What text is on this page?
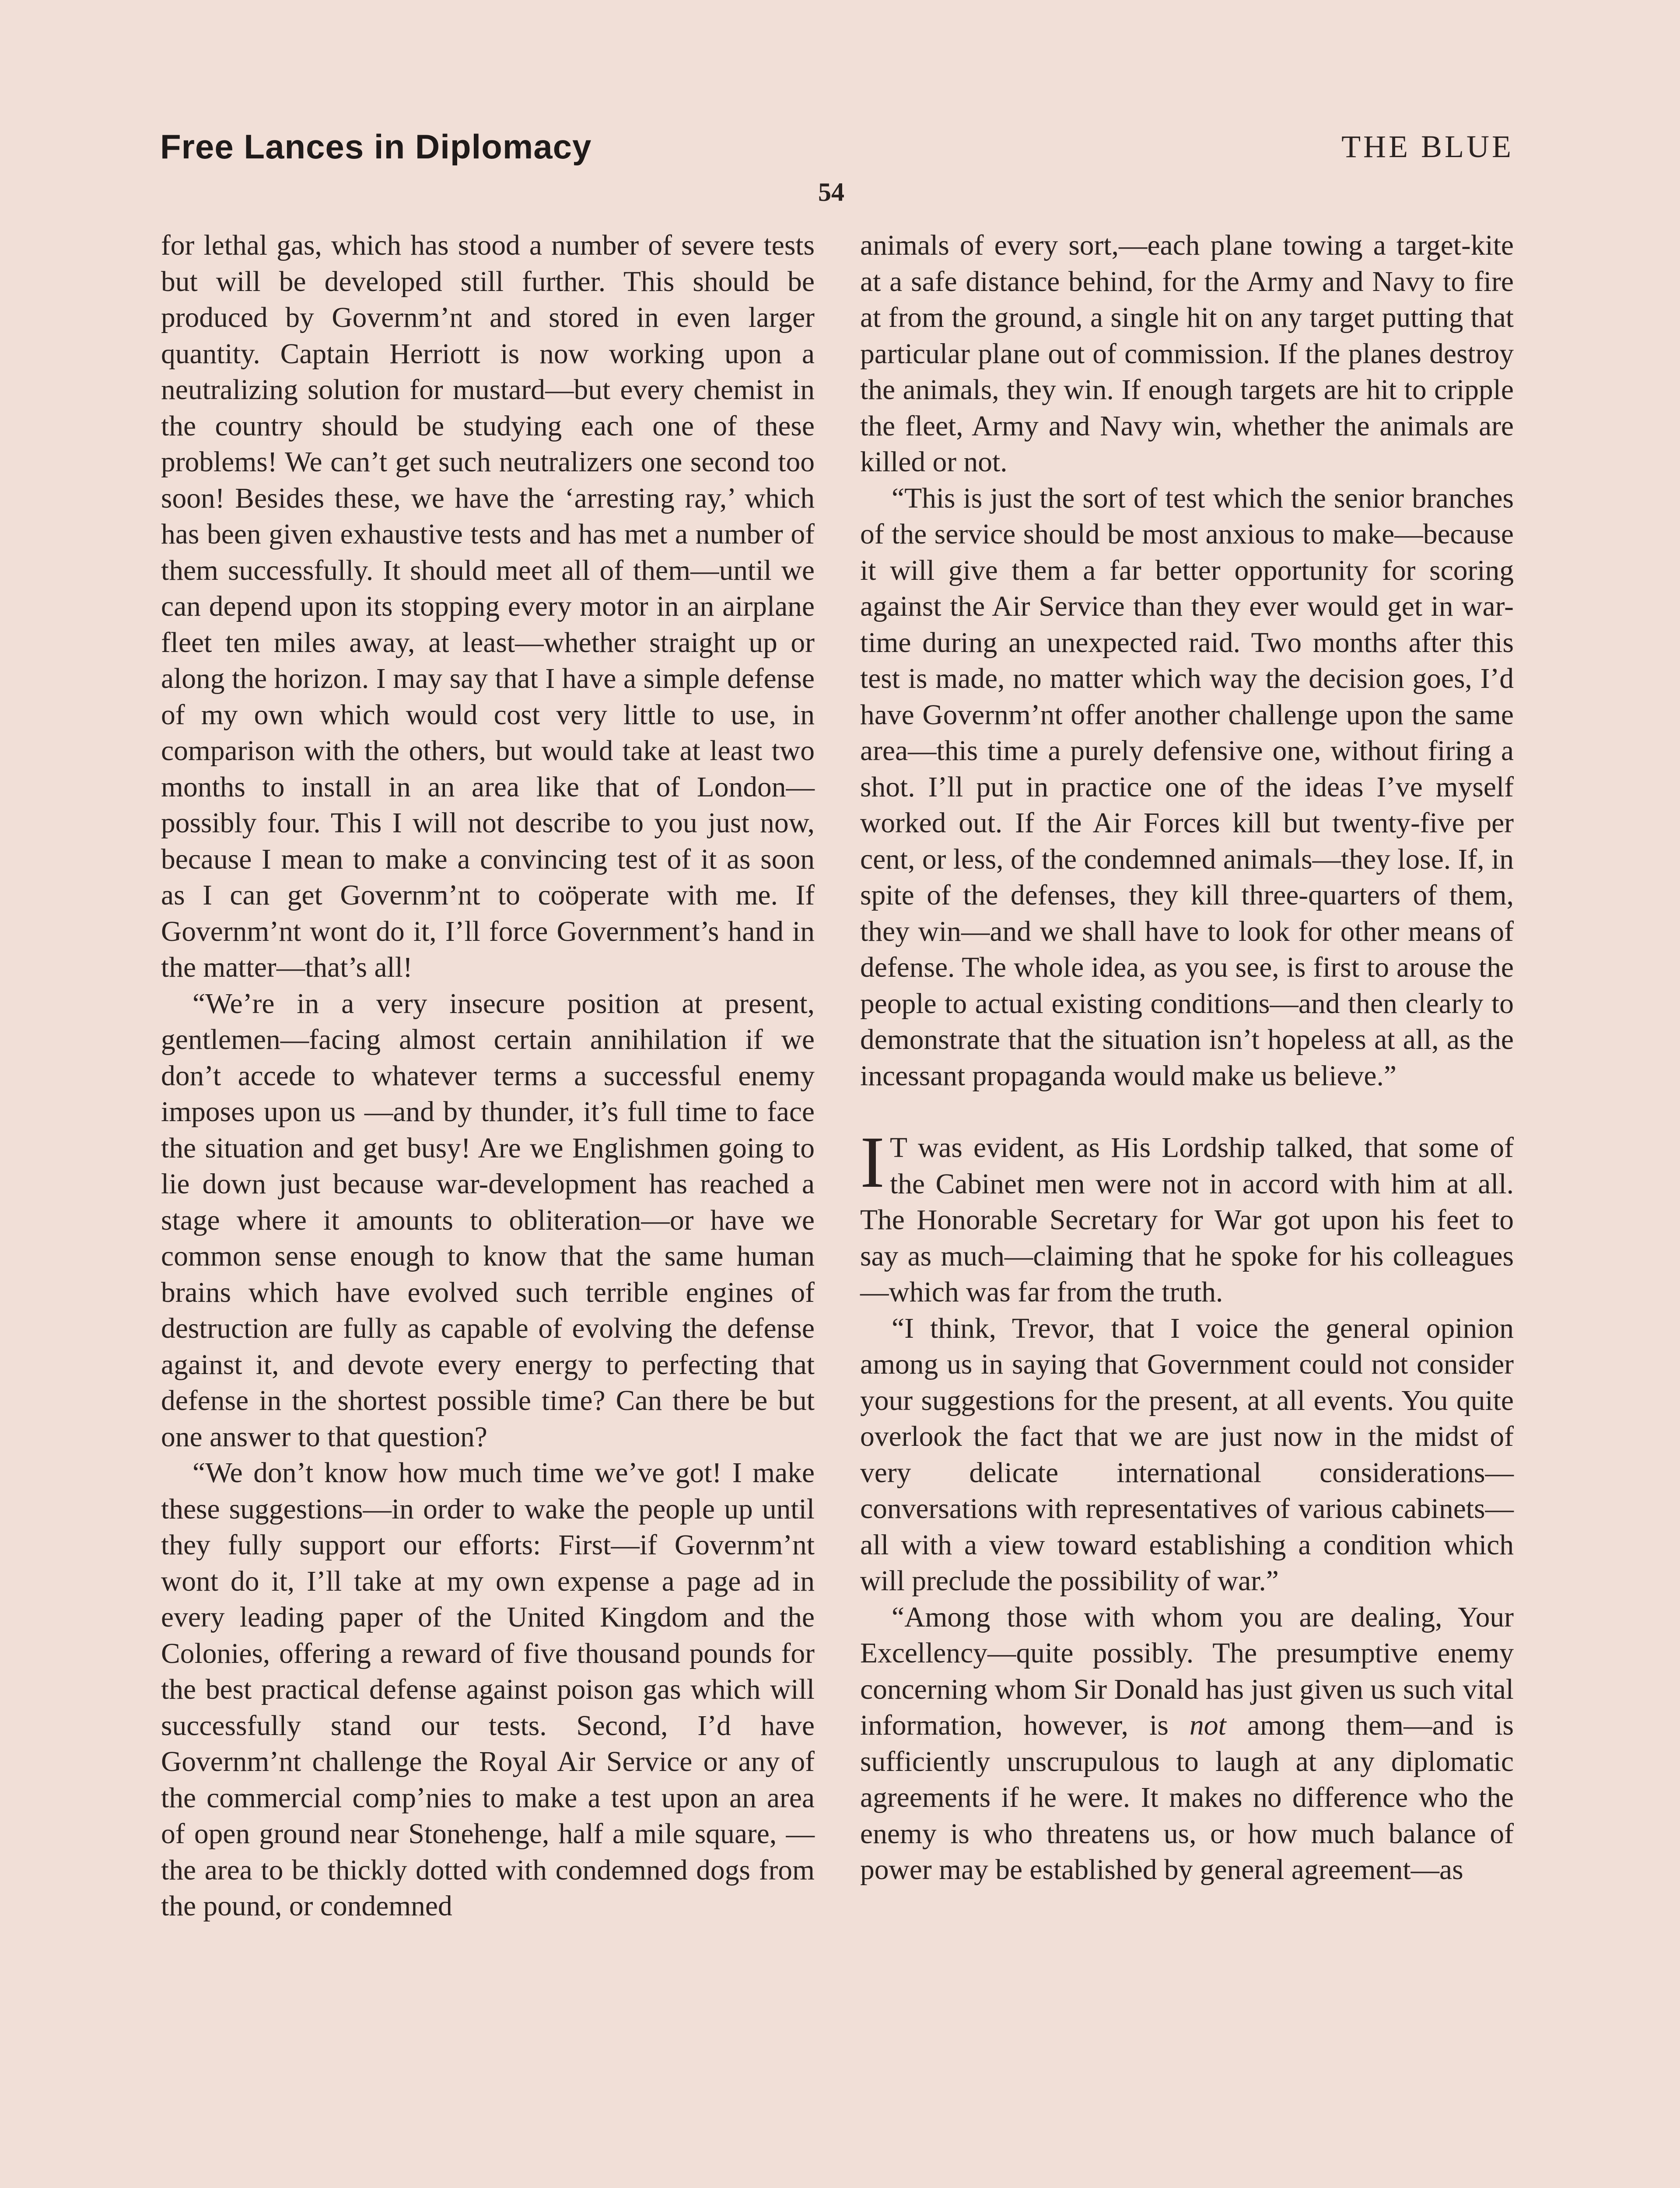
Free Lances in Diplomacy	THE BLUE
54

for lethal gas, which has stood a number of severe tests but will be developed still further. This should be produced by Governm’nt and stored in even larger quantity. Captain Herriott is now working upon a neutralizing solution for mustard—but every chemist in the country should be studying each one of these problems! We can’t get such neutralizers one second too soon! Besides these, we have the ‘arresting ray,’ which has been given exhaustive tests and has met a number of them successfully. It should meet all of them—until we can depend upon its stopping every motor in an airplane fleet ten miles away, at least—whether straight up or along the horizon. I may say that I have a simple defense of my own which would cost very little to use, in comparison with the others, but would take at least two months to install in an area like that of London—possibly four. This I will not describe to you just now, because I mean to make a convincing test of it as soon as I can get Governm’nt to coöperate with me. If Governm’nt wont do it, I’ll force Government’s hand in the matter—that’s all!

“We’re in a very insecure position at present, gentlemen—facing almost certain annihilation if we don’t accede to whatever terms a successful enemy imposes upon us —and by thunder, it’s full time to face the situation and get busy! Are we Englishmen going to lie down just because war-development has reached a stage where it amounts to obliteration—or have we common sense enough to know that the same human brains which have evolved such terrible engines of destruction are fully as capable of evolving the defense against it, and devote every energy to perfecting that defense in the shortest possible time? Can there be but one answer to that question?

“We don’t know how much time we’ve got! I make these suggestions—in order to wake the people up until they fully support our efforts: First—if Governm’nt wont do it, I’ll take at my own expense a page ad in every leading paper of the United Kingdom and the Colonies, offering a reward of five thousand pounds for the best practical defense against poison gas which will successfully stand our tests. Second, I’d have Governm’nt challenge the Royal Air Service or any of the commercial comp’nies to make a test upon an area of open ground near Stonehenge, half a mile square, —the area to be thickly dotted with condemned dogs from the pound, or condemned

animals of every sort,—each plane towing a target-kite at a safe distance behind, for the Army and Navy to fire at from the ground, a single hit on any target putting that particular plane out of commission. If the planes destroy the animals, they win. If enough targets are hit to cripple the fleet, Army and Navy win, whether the animals are killed or not.

“This is just the sort of test which the senior branches of the service should be most anxious to make—because it will give them a far better opportunity for scoring against the Air Service than they ever would get in war-time during an unexpected raid. Two months after this test is made, no matter which way the decision goes, I’d have Governm’nt offer another challenge upon the same area—this time a purely defensive one, without firing a shot. I’ll put in practice one of the ideas I’ve myself worked out. If the Air Forces kill but twenty-five per cent, or less, of the condemned animals—they lose. If, in spite of the defenses, they kill three-quarters of them, they win—and we shall have to look for other means of defense. The whole idea, as you see, is first to arouse the people to actual existing conditions—and then clearly to demonstrate that the situation isn’t hopeless at all, as the incessant propaganda would make us believe.”

I T was evident, as His Lordship talked, that some of the Cabinet men were not in accord with him at all. The Honorable Secretary for War got upon his feet to say as much—claiming that he spoke for his colleagues—which was far from the truth.

“I think, Trevor, that I voice the general opinion among us in saying that Government could not consider your suggestions for the present, at all events. You quite overlook the fact that we are just now in the midst of very delicate international considerations—conversations with representatives of various cabinets—all with a view toward establishing a condition which will preclude the possibility of war.”

“Among those with whom you are dealing, Your Excellency—quite possibly. The presumptive enemy concerning whom Sir Donald has just given us such vital information, however, is not among them—and is sufficiently unscrupulous to laugh at any diplomatic agreements if he were. It makes no difference who the enemy is who threatens us, or how much balance of power may be established by general agreement—as
